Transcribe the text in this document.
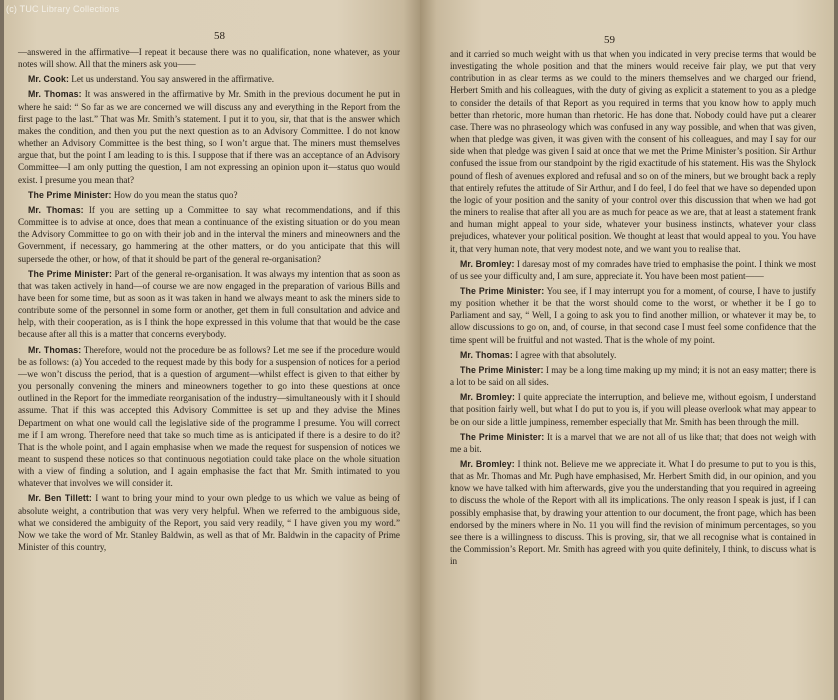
(c) TUC Library Collections
58

—answered in the affirmative—I repeat it because there was no qualification, none whatever, as your notes will show. All that the miners ask you——

Mr. Cook: Let us understand. You say answered in the affirmative.

Mr. Thomas: It was answered in the affirmative by Mr. Smith in the previous document he put in where he said: “ So far as we are concerned we will discuss any and everything in the Report from the first page to the last.” That was Mr. Smith’s statement. I put it to you, sir, that that is the answer which makes the condition, and then you put the next question as to an Advisory Committee. I do not know whether an Advisory Committee is the best thing, so I won’t argue that. The miners must themselves argue that, but the point I am leading to is this. I suppose that if there was an acceptance of an Advisory Committee—I am only putting the question, I am not expressing an opinion upon it—status quo would exist. I presume you mean that?

The Prime Minister: How do you mean the status quo?

Mr. Thomas: If you are setting up a Committee to say what recommendations, and if this Committee is to advise at once, does that mean a continuance of the existing situation or do you mean the Advisory Committee to go on with their job and in the interval the miners and mineowners and the Government, if necessary, go hammering at the other matters, or do you anticipate that this will supersede the other, or how, of that it should be part of the general re-organisation?

The Prime Minister: Part of the general re-organisation. It was always my intention that as soon as that was taken actively in hand—of course we are now engaged in the preparation of various Bills and have been for some time, but as soon as it was taken in hand we always meant to ask the miners side to contribute some of the personnel in some form or another, get them in full consultation and advice and help, with their cooperation, as is I think the hope expressed in this volume that that would be the case because after all this is a matter that concerns everybody.

Mr. Thomas: Therefore, would not the procedure be as follows? Let me see if the procedure would be as follows: (a) You acceded to the request made by this body for a suspension of notices for a period—we won’t discuss the period, that is a question of argument—whilst effect is given to that either by you personally convening the miners and mineowners together to go into these questions at once outlined in the Report for the immediate reorganisation of the industry—simultaneously with it I should assume. That if this was accepted this Advisory Committee is set up and they advise the Mines Department on what one would call the legislative side of the programme I presume. You will correct me if I am wrong. Therefore need that take so much time as is anticipated if there is a desire to do it? That is the whole point, and I again emphasise when we made the request for suspension of notices we meant to suspend these notices so that continuous negotiation could take place on the whole situation with a view of finding a solution, and I again emphasise the fact that Mr. Smith intimated to you whatever that involves we will consider it.

Mr. Ben Tillett: I want to bring your mind to your own pledge to us which we value as being of absolute weight, a contribution that was very very helpful. When we referred to the ambiguous side, what we considered the ambiguity of the Report, you said very readily, “ I have given you my word.” Now we take the word of Mr. Stanley Baldwin, as well as that of Mr. Baldwin in the capacity of Prime Minister of this country,

59

and it carried so much weight with us that when you indicated in very precise terms that would be investigating the whole position and that the miners would receive fair play, we put that very contribution in as clear terms as we could to the miners themselves and we charged our friend, Herbert Smith and his colleagues, with the duty of giving as explicit a statement to you as a pledge to consider the details of that Report as you required in terms that you know how to apply much better than rhetoric, more human than rhetoric. He has done that. Nobody could have put a clearer case. There was no phraseology which was confused in any way possible, and when that was given, when that pledge was given, it was given with the consent of his colleagues, and may I say for our side when that pledge was given I said at once that we met the Prime Minister’s position. Sir Arthur confused the issue from our standpoint by the rigid exactitude of his statement. His was the Shylock pound of flesh of avenues explored and refusal and so on of the miners, but we brought back a reply that entirely refutes the attitude of Sir Arthur, and I do feel, I do feel that we have so depended upon the logic of your position and the sanity of your control over this discussion that when we had got the miners to realise that after all you are as much for peace as we are, that at least a statement frank and human might appeal to your side, whatever your business instincts, whatever your class prejudices, whatever your political position. We thought at least that would appeal to you. You have it, that very human note, that very modest note, and we want you to realise that.

Mr. Bromley: I daresay most of my comrades have tried to emphasise the point. I think we most of us see your difficulty and, I am sure, appreciate it. You have been most patient——

The Prime Minister: You see, if I may interrupt you for a moment, of course, I have to justify my position whether it be that the worst should come to the worst, or whether it be I go to Parliament and say, “ Well, I a going to ask you to find another million, or whatever it may be, to allow discussions to go on, and, of course, in that second case I must feel some confidence that the time spent will be fruitful and not wasted. That is the whole of my point.

Mr. Thomas: I agree with that absolutely.

The Prime Minister: I may be a long time making up my mind; it is not an easy matter; there is a lot to be said on all sides.

Mr. Bromley: I quite appreciate the interruption, and believe me, without egoism, I understand that position fairly well, but what I do put to you is, if you will please overlook what may appear to be on our side a little jumpiness, remember especially that Mr. Smith has been through the mill.

The Prime Minister: It is a marvel that we are not all of us like that; that does not weigh with me a bit.

Mr. Bromley: I think not. Believe me we appreciate it. What I do presume to put to you is this, that as Mr. Thomas and Mr. Pugh have emphasised, Mr. Herbert Smith did, in our opinion, and you know we have talked with him afterwards, give you the understanding that you required in agreeing to discuss the whole of the Report with all its implications. The only reason I speak is just, if I can possibly emphasise that, by drawing your attention to our document, the front page, which has been endorsed by the miners where in No. 11 you will find the revision of minimum percentages, so you see there is a willingness to discuss. This is proving, sir, that we all recognise what is contained in the Commission’s Report. Mr. Smith has agreed with you quite definitely, I think, to discuss what is in
